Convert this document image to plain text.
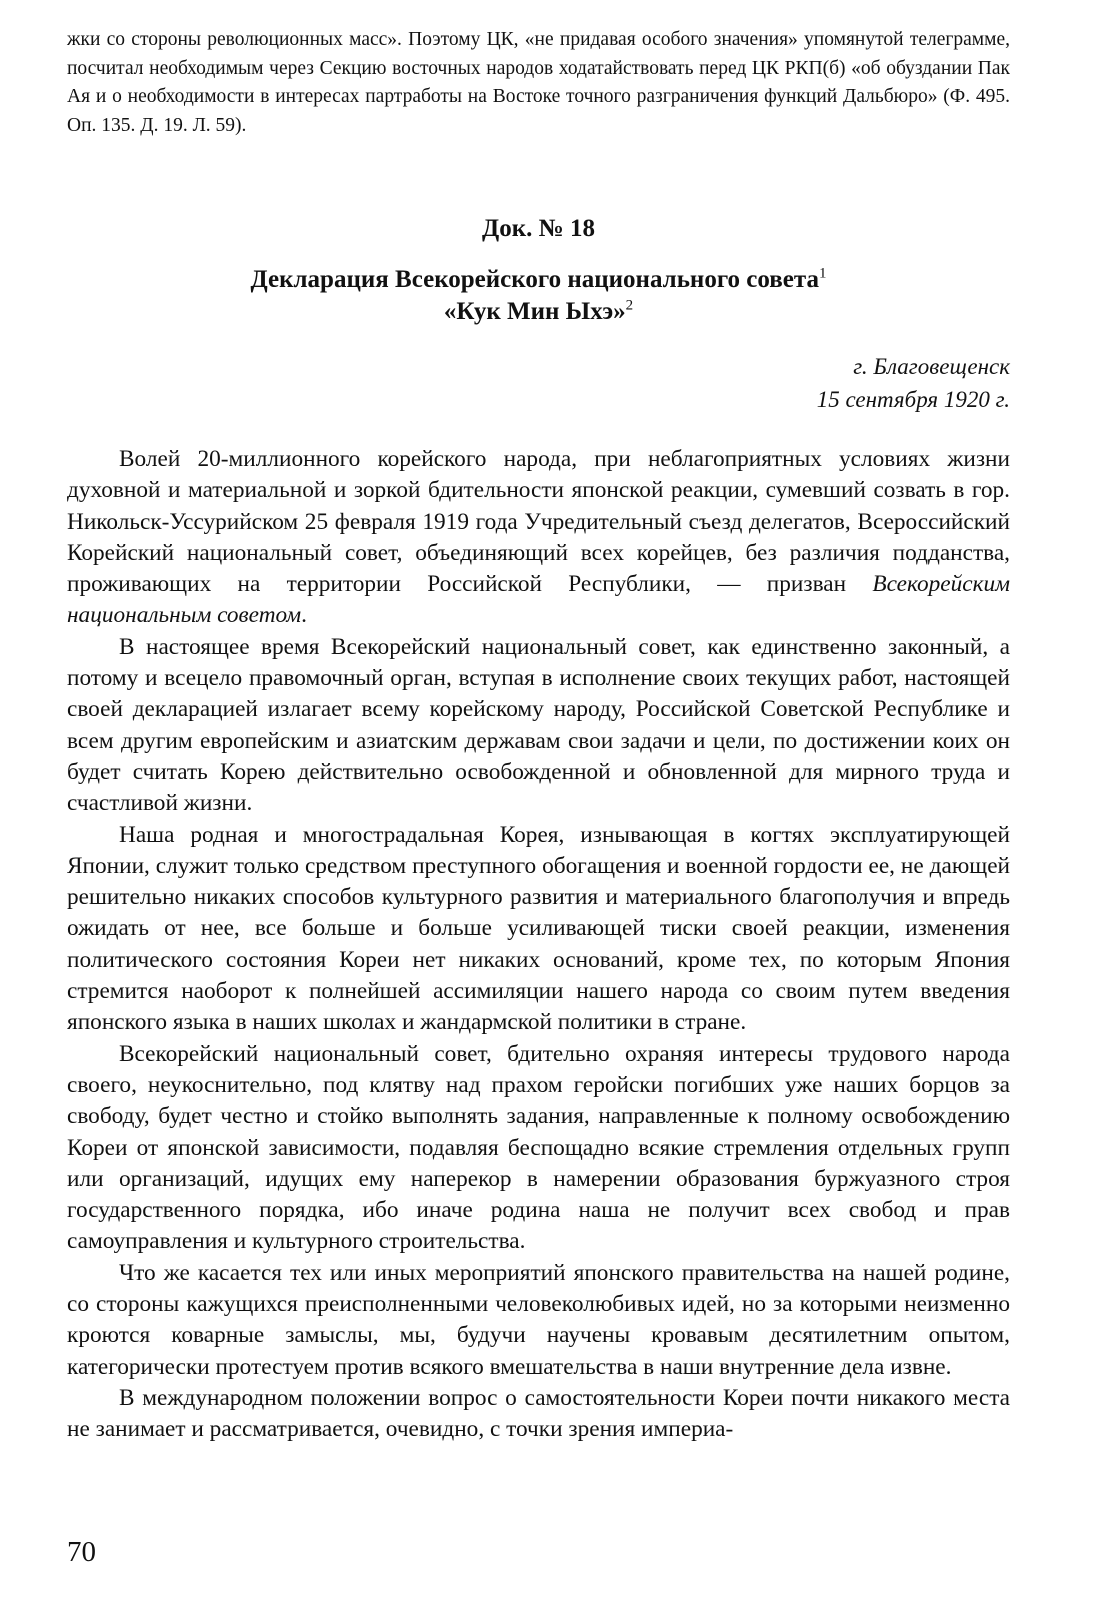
жки со стороны революционных масс». Поэтому ЦК, «не придавая особого значения» упомянутой телеграмме, посчитал необходимым через Секцию восточных народов ходатайствовать перед ЦК РКП(б) «об обуздании Пак Ая и о необходимости в интересах партработы на Востоке точного разграничения функций Дальбюро» (Ф. 495. Оп. 135. Д. 19. Л. 59).

Док. № 18
Декларация Всекорейского национального совета$^1$
«Кук Мин Ыхэ»$^2$
г. Благовещенск
15 сентября 1920 г.

Волей 20-миллионного корейского народа, при неблагоприятных условиях жизни духовной и материальной и зоркой бдительности японской реакции, сумевший созвать в гор. Никольск-Уссурийском 25 февраля 1919 года Учредительный съезд делегатов, Всероссийский Корейский национальный совет, объединяющий всех корейцев, без различия подданства, проживающих на территории Российской Республики, — призван Всекорейским национальным советом.

В настоящее время Всекорейский национальный совет, как единственно законный, а потому и всецело правомочный орган, вступая в исполнение своих текущих работ, настоящей своей декларацией излагает всему корейскому народу, Российской Советской Республике и всем другим европейским и азиатским державам свои задачи и цели, по достижении коих он будет считать Корею действительно освобожденной и обновленной для мирного труда и счастливой жизни.

Наша родная и многострадальная Корея, изнывающая в когтях эксплуатирующей Японии, служит только средством преступного обогащения и военной гордости ее, не дающей решительно никаких способов культурного развития и материального благополучия и впредь ожидать от нее, все больше и больше усиливающей тиски своей реакции, изменения политического состояния Кореи нет никаких оснований, кроме тех, по которым Япония стремится наоборот к полнейшей ассимиляции нашего народа со своим путем введения японского языка в наших школах и жандармской политики в стране.

Всекорейский национальный совет, бдительно охраняя интересы трудового народа своего, неукоснительно, под клятву над прахом геройски погибших уже наших борцов за свободу, будет честно и стойко выполнять задания, направленные к полному освобождению Кореи от японской зависимости, подавляя беспощадно всякие стремления отдельных групп или организаций, идущих ему наперекор в намерении образования буржуазного строя государственного порядка, ибо иначе родина наша не получит всех свобод и прав самоуправления и культурного строительства.

Что же касается тех или иных мероприятий японского правительства на нашей родине, со стороны кажущихся преисполненными человеколюбивых идей, но за которыми неизменно кроются коварные замыслы, мы, будучи научены кровавым десятилетним опытом, категорически протестуем против всякого вмешательства в наши внутренние дела извне.

В международном положении вопрос о самостоятельности Кореи почти никакого места не занимает и рассматривается, очевидно, с точки зрения империа-

70
